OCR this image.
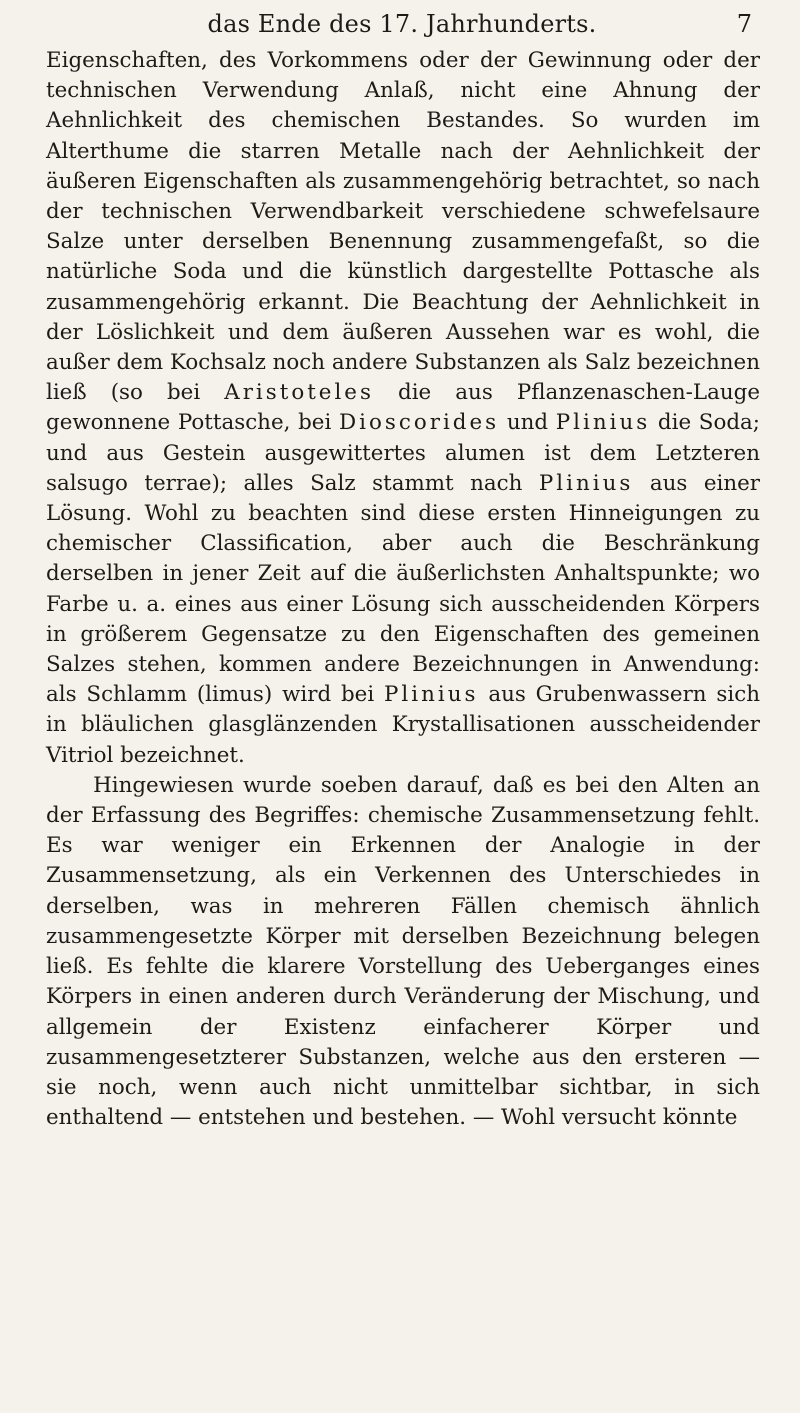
das Ende des 17. Jahrhunderts.	7

Eigenschaften, des Vorkommens oder der Gewinnung oder der technischen Verwendung Anlaß, nicht eine Ahnung der Aehnlichkeit des chemischen Bestandes. So wurden im Alterthume die starren Metalle nach der Aehnlichkeit der äußeren Eigenschaften als zusammengehörig betrachtet, so nach der technischen Verwendbarkeit verschiedene schwefelsaure Salze unter derselben Benennung zusammengefaßt, so die natürliche Soda und die künstlich dargestellte Pottasche als zusammengehörig erkannt. Die Beachtung der Aehnlichkeit in der Löslichkeit und dem äußeren Aussehen war es wohl, die außer dem Kochsalz noch andere Substanzen als Salz bezeichnen ließ (so bei Aristoteles die aus Pflanzenaschen-Lauge gewonnene Pottasche, bei Dioscorides und Plinius die Soda; und aus Gestein ausgewittertes alumen ist dem Letzteren salsugo terrae); alles Salz stammt nach Plinius aus einer Lösung. Wohl zu beachten sind diese ersten Hinneigungen zu chemischer Classification, aber auch die Beschränkung derselben in jener Zeit auf die äußerlichsten Anhaltspunkte; wo Farbe u. a. eines aus einer Lösung sich ausscheidenden Körpers in größerem Gegensatze zu den Eigenschaften des gemeinen Salzes stehen, kommen andere Bezeichnungen in Anwendung: als Schlamm (limus) wird bei Plinius aus Grubenwassern sich in bläulichen glasglänzenden Krystallisationen ausscheidender Vitriol bezeichnet.

Hingewiesen wurde soeben darauf, daß es bei den Alten an der Erfassung des Begriffes: chemische Zusammensetzung fehlt. Es war weniger ein Erkennen der Analogie in der Zusammensetzung, als ein Verkennen des Unterschiedes in derselben, was in mehreren Fällen chemisch ähnlich zusammengesetzte Körper mit derselben Bezeichnung belegen ließ. Es fehlte die klarere Vorstellung des Ueberganges eines Körpers in einen anderen durch Veränderung der Mischung, und allgemein der Existenz einfacherer Körper und zusammengesetzterer Substanzen, welche aus den ersteren — sie noch, wenn auch nicht unmittelbar sichtbar, in sich enthaltend — entstehen und bestehen. — Wohl versucht könnte
